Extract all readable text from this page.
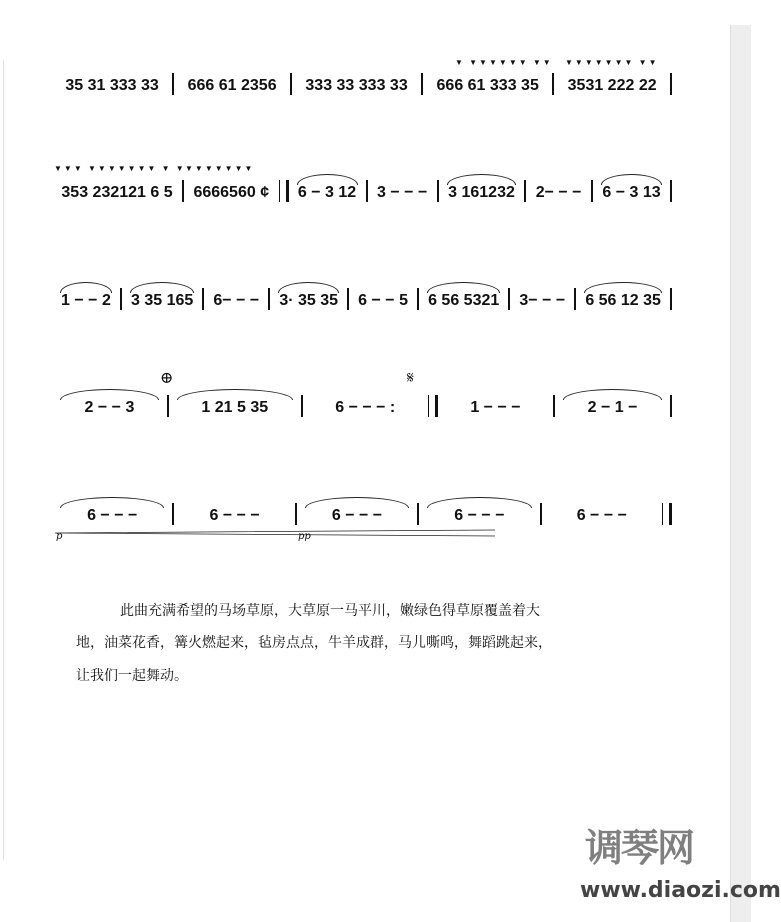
▼ ▼▼▼▼▼▼ ▼▼ ▼▼▼▼▼▼▼ ▼▼
35 31 333 33	666 61 2356	333 33 333 33	666 61 333 35	3531 222 22
▼▼▼ ▼▼▼▼▼▼▼ ▼ ▼ ▼▼▼▼▼▼▼
353 232121 6 5	6666560 ¢	6 − 3 12	3 − − −	3 161232	2− − −	6 − 3 13
1 − − 2	3 35 165	6− − −	3· 35 35	6 − − 5	6 56 5321	3− − −	6 56 12 35
⊕	𝄋
2 − − 3	1 21 5 35	6 − − − :	1 − − −	2 − 1 −
6 − − −	6 − − −	6 − − −	6 − − −	6 − − −
p	pp

此曲充满希望的马场草原，大草原一马平川，嫩绿色得草原覆盖着大

地，油菜花香，篝火燃起来，毡房点点，牛羊成群，马儿嘶鸣，舞蹈跳起来，

让我们一起舞动。

调琴网
www.diaozi.com
